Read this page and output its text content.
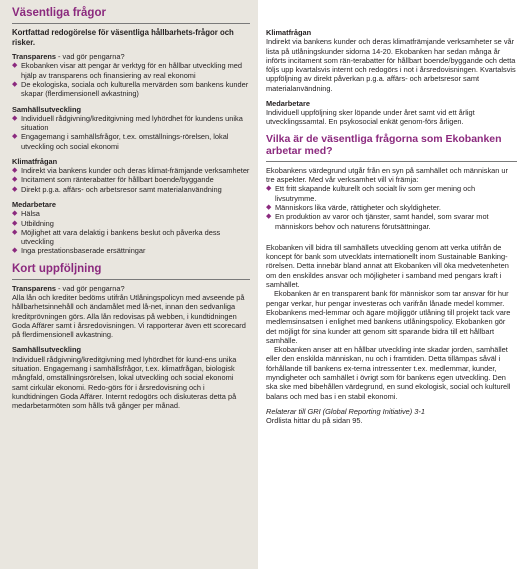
Väsentliga frågor
Kortfattad redogörelse för väsentliga hållbarhets-frågor och risker.
Transparens - vad gör pengarna?
◆ Ekobanken visar att pengar är verktyg för en hållbar utveckling med hjälp av transparens och finansiering av real ekonomi
◆ De ekologiska, sociala och kulturella mervärden som bankens kunder skapar (flerdimensionell avkastning)
Samhällsutveckling
◆ Individuell rådgivning/kreditgivning med lyhördhet för kundens unika situation
◆ Engagemang i samhällsfrågor, t.ex. omställnings-rörelsen, lokal utveckling och social ekonomi
Klimatfrågan
◆ Indirekt via bankens kunder och deras klimat-främjande verksamheter
◆ Incitament som ränterabatter för hållbart boende/byggande
◆ Direkt p.g.a. affärs- och arbetsresor samt materialanvändning
Medarbetare
◆ Hälsa
◆ Utbildning
◆ Möjlighet att vara delaktig i bankens beslut och påverka dess utveckling
◆ Inga prestationsbaserade ersättningar
Kort uppföljning
Transparens - vad gör pengarna?

Alla lån och krediter bedöms utifrån Utlåningspolicyn med avseende på hållbarhetsinnehåll och ändamålet med lå-net, innan den sedvanliga kreditprövningen görs. Alla lån redovisas på webben, i kundtidningen Goda Affärer samt i årsredovisningen. Vi rapporterar även ett scorecard på flerdimensionell avkastning.

Samhällsutveckling

Individuell rådgivning/kreditgivning med lyhördhet för kund-ens unika situation. Engagemang i samhällsfrågor, t.ex. klimatfrågan, biologisk mångfald, omställningsrörelsen, lokal utveckling och social ekonomi samt cirkulär ekonomi. Redo-görs för i årsredovisning och i kundtidningen Goda Affärer. Internt redogörs och diskuteras detta på medarbetarmöten som hålls två gånger per månad.

Klimatfrågan

Indirekt via bankens kunder och deras klimatfrämjande verksamheter se vår lista på utlåningskunder sidorna 14-20. Ekobanken har sedan många år införts incitament som rän-terabatter för hållbart boende/byggande och detta följs upp kvartalsvis internt och redogörs i not i årsredovisningen. Kvartalsvis uppföljning av direkt påverkan p.g.a. affärs- och arbetsresor samt materialanvändning.

Medarbetare

Individuell uppföljning sker löpande under året samt vid ett årligt utvecklingssamtal. En psykosocial enkät genom-förs årligen.

Vilka är de väsentliga frågorna som Ekobanken arbetar med?

Ekobankens värdegrund utgår från en syn på samhället och människan ur tre aspekter. Med vår verksamhet vill vi främja:

◆ Ett fritt skapande kulturellt och socialt liv som ger mening och livsutrymme.
◆ Människors lika värde, rättigheter och skyldigheter.
◆ En produktion av varor och tjänster, samt handel, som svarar mot människors behov och naturens förutsättningar.

Ekobanken vill bidra till samhällets utveckling genom att verka utifrån de koncept för bank som utvecklats internationellt inom Sustainable Banking-rörelsen. Detta innebär bland annat att Ekobanken vill öka medvetenheten om den enskildes ansvar och möjligheter i samband med pengars kraft i samhället.

Ekobanken är en transparent bank för människor som tar ansvar för hur pengar verkar, hur pengar investeras och varifrån lånade medel kommer. Ekobankens med-lemmar och ägare möjliggör utlåning till projekt tack vare medlemsinsatsen i enlighet med bankens utlåningspolicy. Ekobanken gör det möjligt för sina kunder att genom sitt sparande bidra till ett hållbart samhälle.

Ekobanken anser att en hållbar utveckling inte skadar jorden, samhället eller den enskilda människan, nu och i framtiden. Detta tillämpas såväl i förhållande till bankens ex-terna intressenter t.ex. medlemmar, kunder, myndigheter och samhället i övrigt som för bankens egen utveckling. Den ska ske med bibehållen värdegrund, en sund ekologisk, social och kulturell balans och med bas i en stabil ekonomi.

Relaterar till GRI (Global Reporting Initiative) 3-1

Ordlista hittar du på sidan 95.
